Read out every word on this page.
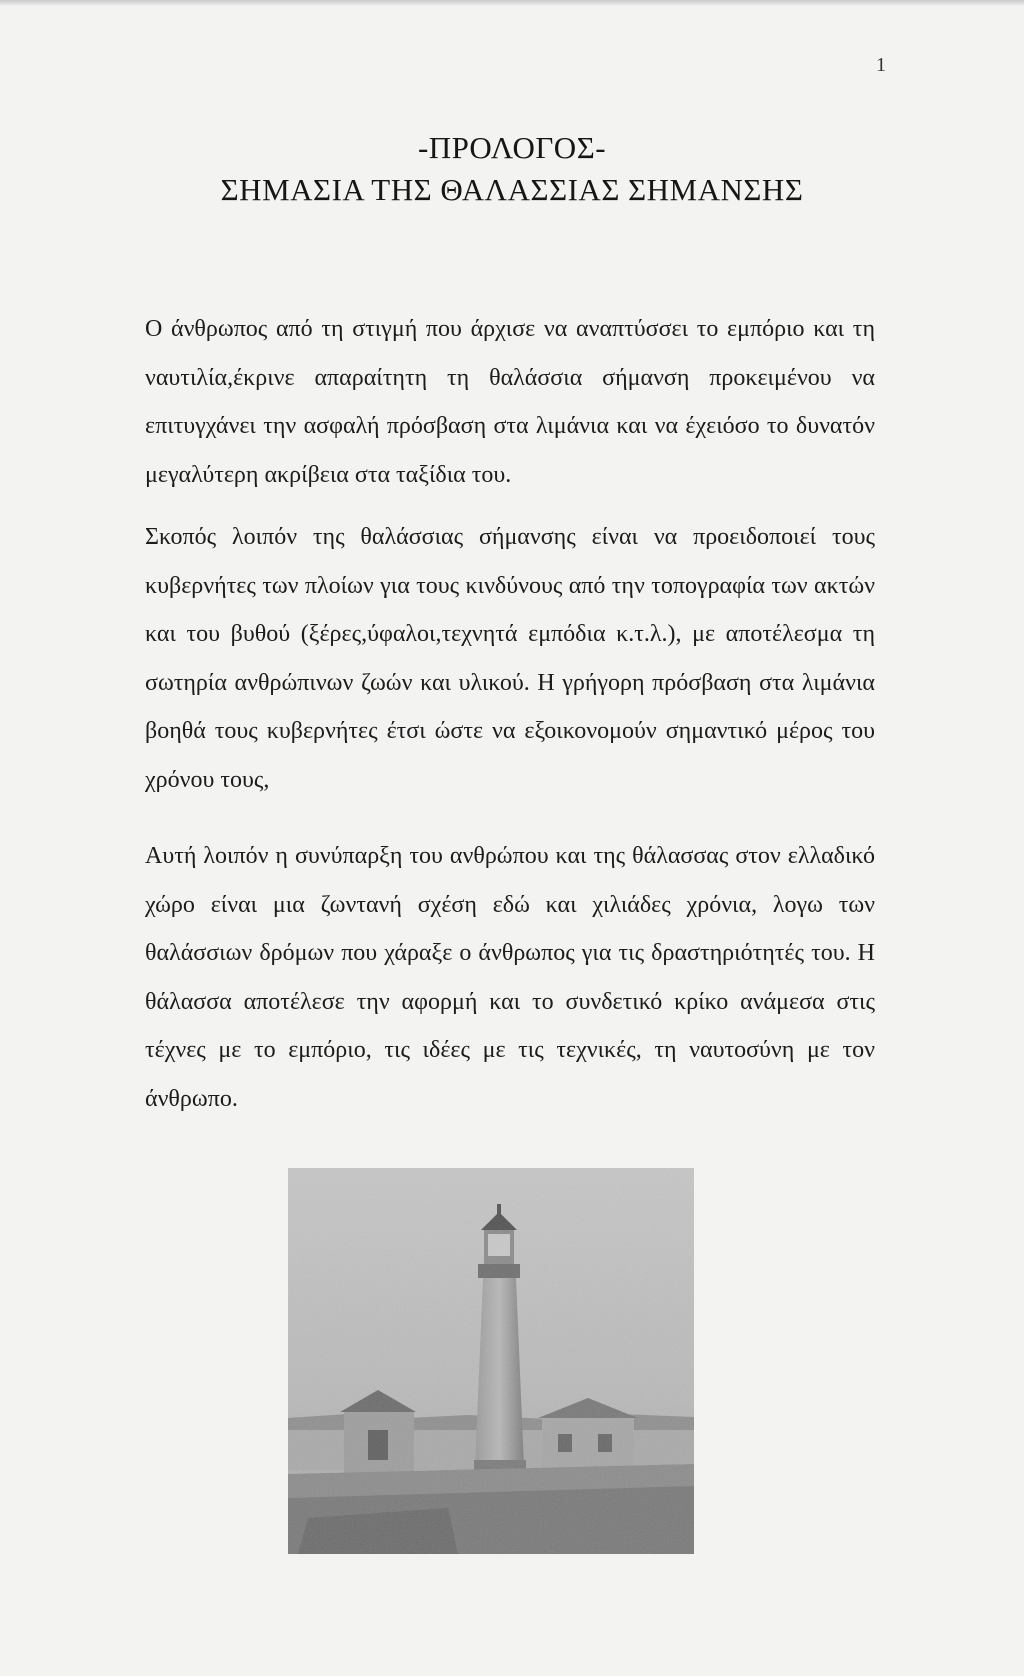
1
-ΠΡΟΛΟΓΟΣ-
ΣΗΜΑΣΙΑ ΤΗΣ ΘΑΛΑΣΣΙΑΣ ΣΗΜΑΝΣΗΣ

Ο άνθρωπος από τη στιγμή που άρχισε να αναπτύσσει το εμπόριο και τη ναυτιλία,έκρινε απαραίτητη τη θαλάσσια σήμανση προκειμένου να επιτυγχάνει την ασφαλή πρόσβαση στα λιμάνια και να έχειόσο το δυνατόν μεγαλύτερη ακρίβεια στα ταξίδια του.

Σκοπός λοιπόν της θαλάσσιας σήμανσης είναι να προειδοποιεί τους κυβερνήτες των πλοίων για τους κινδύνους από την τοπογραφία των ακτών και του βυθού (ξέρες,ύφαλοι,τεχνητά εμπόδια κ.τ.λ.), με αποτέλεσμα τη σωτηρία ανθρώπινων ζωών και υλικού. Η γρήγορη πρόσβαση στα λιμάνια βοηθά τους κυβερνήτες έτσι ώστε να εξοικονομούν σημαντικό μέρος του χρόνου τους,

Αυτή λοιπόν η συνύπαρξη του ανθρώπου και της θάλασσας στον ελλαδικό χώρο είναι μια ζωντανή σχέση εδώ και χιλιάδες χρόνια, λογω των θαλάσσιων δρόμων που χάραξε ο άνθρωπος για τις δραστηριότητές του. Η θάλασσα αποτέλεσε την αφορμή και το συνδετικό κρίκο ανάμεσα στις τέχνες με το εμπόριο, τις ιδέες με τις τεχνικές, τη ναυτοσύνη με τον άνθρωπο.
